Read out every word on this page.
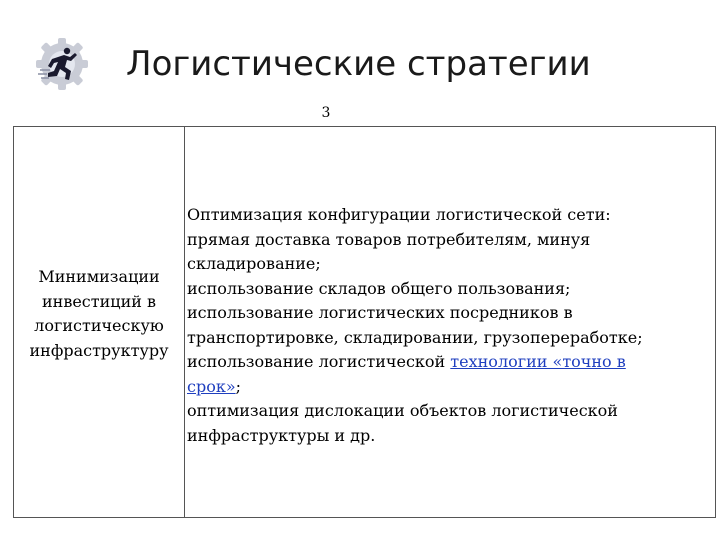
Логистические стратегии
3
Минимизации
инвестиций в
логистическую
инфраструктуру
Оптимизация конфигурации логистической сети:
прямая доставка товаров потребителям, минуя
складирование;
использование складов общего пользования;
использование логистических посредников в
транспортировке, складировании, грузопереработке;
использование логистической технологии «точно в
срок»;
оптимизация дислокации объектов логистической
инфраструктуры и др.
